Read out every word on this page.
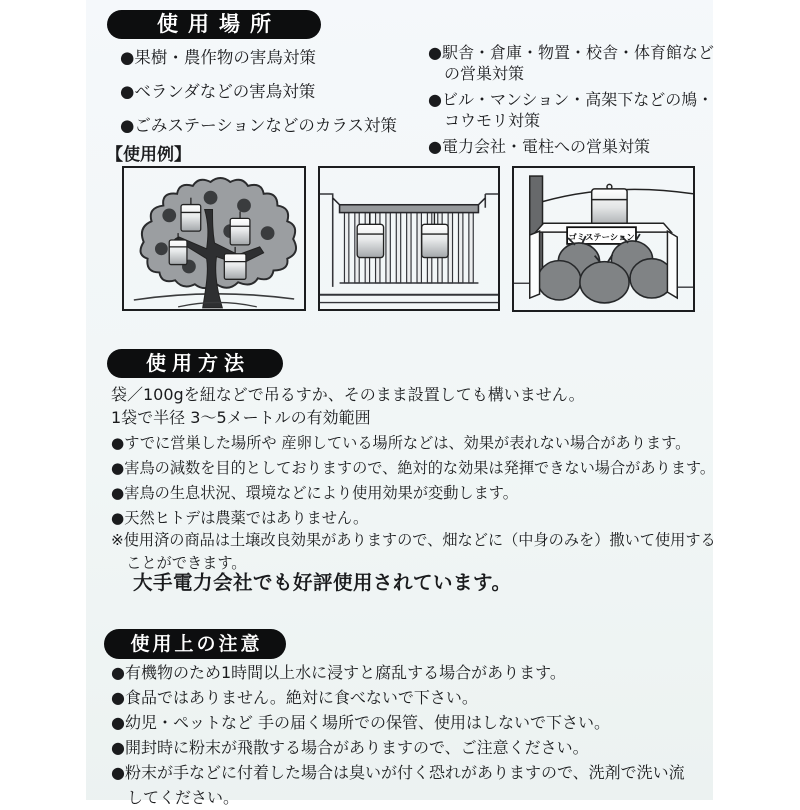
使用場所
●果樹・農作物の害鳥対策
●ベランダなどの害鳥対策
●ごみステーションなどのカラス対策
●駅舎・倉庫・物置・校舎・体育館などの営巣対策
●ビル・マンション・高架下などの鳩・コウモリ対策
●電力会社・電柱への営巣対策
【使用例】
ゴミステーション
使用方法
袋／100gを紐などで吊るすか、そのまま設置しても構いません。
1袋で半径 3～5メートルの有効範囲
●すでに営巣した場所や 産卵している場所などは、効果が表れない場合があります。
●害鳥の減数を目的としておりますので、絶対的な効果は発揮できない場合があります。
●害鳥の生息状況、環境などにより使用効果が変動します。
●天然ヒトデは農薬ではありません。
※使用済の商品は土壌改良効果がありますので、畑などに（中身のみを）撒いて使用することができます。
大手電力会社でも好評使用されています。
使用上の注意
●有機物のため1時間以上水に浸すと腐乱する場合があります。
●食品ではありません。絶対に食べないで下さい。
●幼児・ペットなど 手の届く場所での保管、使用はしないで下さい。
●開封時に粉末が飛散する場合がありますので、ご注意ください。
●粉末が手などに付着した場合は臭いが付く恐れがありますので、洗剤で洗い流してください。
